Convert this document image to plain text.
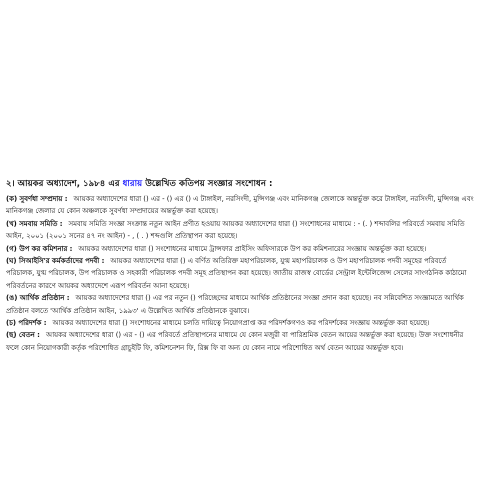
২। আয়কর অধ্যাদেশ, ১৯৮৪ এর ধারায় উল্লেখিত কতিপয় সংজ্ঞার সংশোধন :

(ক) সুবর্ণধা সম্প্রদায় : আয়কর অধ্যাদেশের ধারা () এর - () এর () এ টাঙ্গাইল, নরসিংদী, মুন্সিগঞ্জ এবং মানিকগঞ্জ জেলাকে অন্তর্ভুক্ত করে টাঙ্গাইল, নরসিংদী, মুন্সিগঞ্জ এবং মানিকগঞ্জ জেলার যে কোন অঞ্চলকে সুবর্ণধা সম্প্রদায়ের অন্তর্ভুক্ত করা হয়েছে।

(খ) সমবায় সমিতি : সমবায় সমিতি সংজ্ঞা সংক্রান্ত নতুন আইন প্রণীত হওয়ায় আয়কর অধ্যাদেশের ধারা () সংশোধনের মাধ্যমে : - (. ) শব্দাবলির পরিবর্তে সমবায় সমিতি আইন, ২০০১ (২০০১ সনের ৪৭ নং আইন) - , ( . ) শব্দগুলি প্রতিস্থাপন করা হয়েছে।

(গ) উপ কর কমিশনার : আয়কর অধ্যাদেশের ধারা () সংশোধনের মাধ্যমে ট্রান্সফার প্রাইসিং অফিসারকে উপ কর কমিশনারের সংজ্ঞায় অন্তর্ভুক্ত করা হয়েছে।

(ঘ) সিআইসি'র কর্মকর্তাদের পদবী : আয়কর অধ্যাদেশের ধারা () এ বর্ণিত অতিরিক্ত মহাপরিচালক, যুগ্ম মহাপরিচালক ও উপ মহাপরিচালক পদবী সমূহের পরিবর্তে পরিচালক, যুগ্ম পরিচালক, উপ পরিচালক ও সহকারী পরিচালক পদবী সমূহ প্রতিস্থাপন করা হয়েছে। জাতীয় রাজস্ব বোর্ডের সেন্ট্রাল ইন্টেলিজেন্স সেলের সাংগঠনিক কাঠামো পরিবর্তনের কারণে আয়কর অধ্যাদেশে এরূপ পরিবর্তন আনা হয়েছে।

(ঙ) আর্থিক প্রতিষ্ঠান : আয়কর অধ্যাদেশের ধারা () এর পর নতুন () পরিচ্ছেদের মাধ্যমে আর্থিক প্রতিষ্ঠানের সংজ্ঞা প্রদান করা হয়েছে। নব সন্নিবেশিত সংজ্ঞামতে আর্থিক প্রতিষ্ঠান বলতে 'আর্থিক প্রতিষ্ঠান আইন, ১৯৯৩' এ উল্লেখিত আর্থিক প্রতিষ্ঠানকে বুঝাবে।

(চ) পরিদর্শক : আয়কর অধ্যাদেশের ধারা () সংশোধনের মাধ্যমে চলতি দায়িত্বে নিয়োগপ্রাপ্ত কর পরিদর্শকগণও কর পরিদর্শকের সংজ্ঞায় অন্তর্ভুক্ত করা হয়েছে।

(ছ) বেতন : আয়কর অধ্যাদেশের ধারা () এর - () এর পরিবর্তে প্রতিস্থাপনের মাধ্যমে যে কোন মজুরী বা পারিশ্রমিক বেতন আয়ের অন্তর্ভুক্ত করা হয়েছে। উক্ত সংশোধনীর ফলে কোন নিয়োগকারী কর্তৃক পরিশোধিত গ্রাচুইটি ফি, কমিশনেশন ফি, রিক্স ফি বা অন্য যে কোন নামে পরিশোধিত অর্থ বেতন আয়ের অন্তর্ভুক্ত হবে।
